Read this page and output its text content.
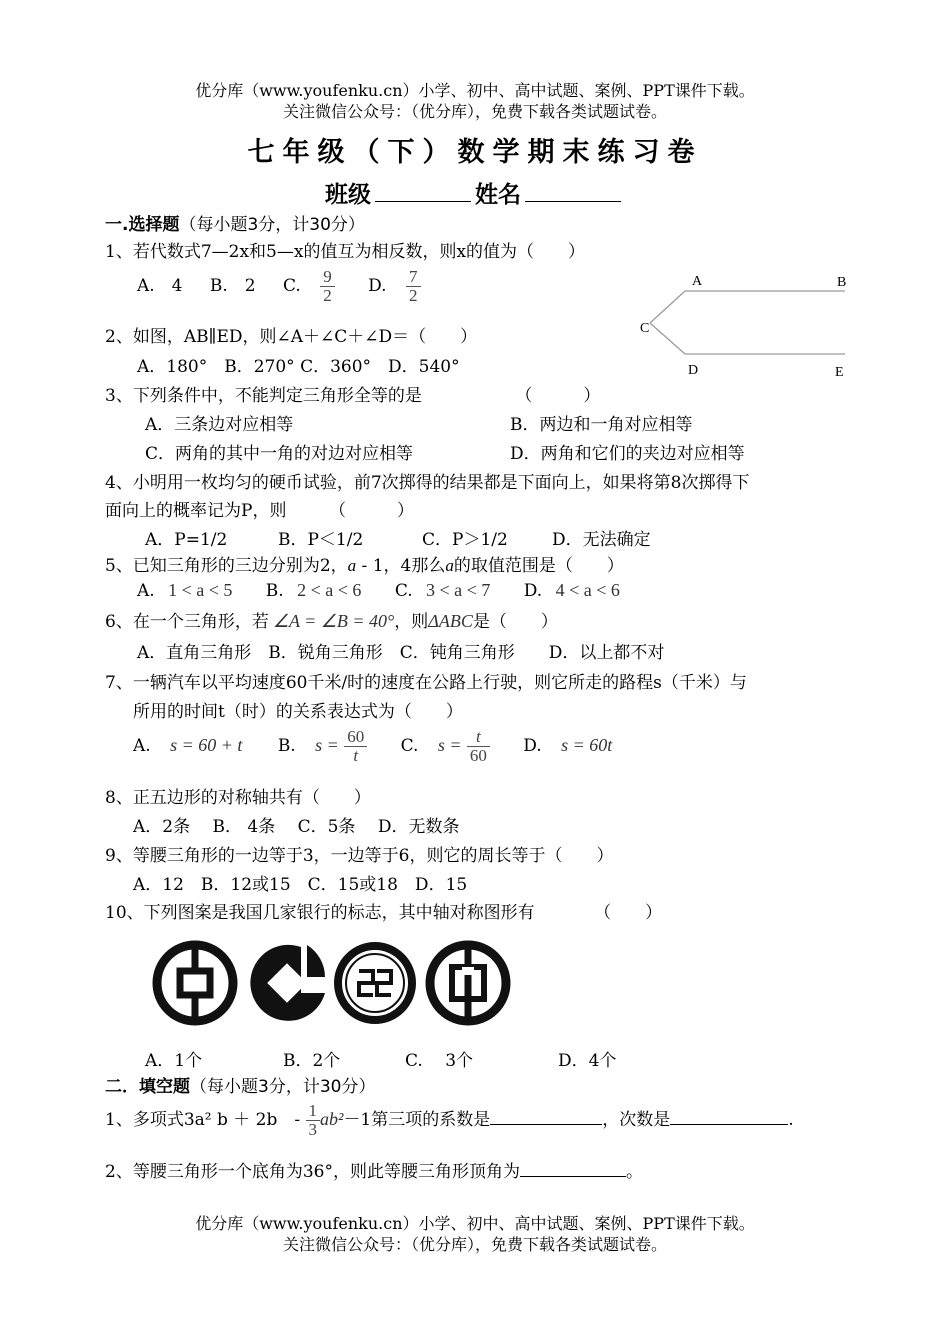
优分库（www.youfenku.cn）小学、初中、高中试题、案例、PPT课件下载。
关注微信公众号：（优分库），免费下载各类试题试卷。
七年级（下）数学期末练习卷
班级	姓名
一.选择题（每小题3分，计30分）
1、若代数式7—2x和5—x的值互为相反数，则x的值为（　　）
A.　4 B.　2 C. $\frac{9}{2} D$. $\frac{7}{2}$	A	B
C
D	E
2、如图，AB∥ED，则∠A＋∠C＋∠D＝（　　）
A．180°　B．270° C．360°　D．540°
3、下列条件中，不能判定三角形全等的是　　　　　　（　　　）
A．三条边对应相等	B．两边和一角对应相等
C．两角的其中一角的对边对应相等	D．两角和它们的夹边对应相等
4、小明用一枚均匀的硬币试验，前7次掷得的结果都是下面向上，如果将第8次掷得下
面向上的概率记为P，则　　　（　　　）
A．P=1/2	B．P＜1/2	C．P＞1/2	D．无法确定
5、已知三角形的三边分别为2，a - 1，4那么a的取值范围是（　　）
A. 1 < a < 5 B. 2 < a < 6 C. 3 < a < 7 D. 4 < a < 6
6、在一个三角形，若 ∠A = ∠B = 40°，则ΔABC是（　　）
A．直角三角形　B．锐角三角形　C．钝角三角形　　D．以上都不对
7、一辆汽车以平均速度60千米/时的速度在公路上行驶，则它所走的路程s（千米）与
所用的时间t（时）的关系表达式为（　　）
A. s = 60 + t B. $s = \frac{60}{t} C$. $s = \frac{t}{60} D$. s = 60t
8、正五边形的对称轴共有（　　）
A．2条　 B． 4条　 C．5条　 D．无数条
9、等腰三角形的一边等于3，一边等于6，则它的周长等于（　　）
A．12　B．12或15　C．15或18　D．15
10、下列图案是我国几家银行的标志，其中轴对称图形有　　　　（　　）
A．1个	B．2个	C.　 3个	D．4个
二．填空题（每小题3分，计30分）
1、多项式3a² b ＋ 2b　- $\frac{1}{3} ab^2-1$第三项的系数是	，次数是	.
2、等腰三角形一个底角为36°，则此等腰三角形顶角为	。
优分库（www.youfenku.cn）小学、初中、高中试题、案例、PPT课件下载。
关注微信公众号：（优分库），免费下载各类试题试卷。
